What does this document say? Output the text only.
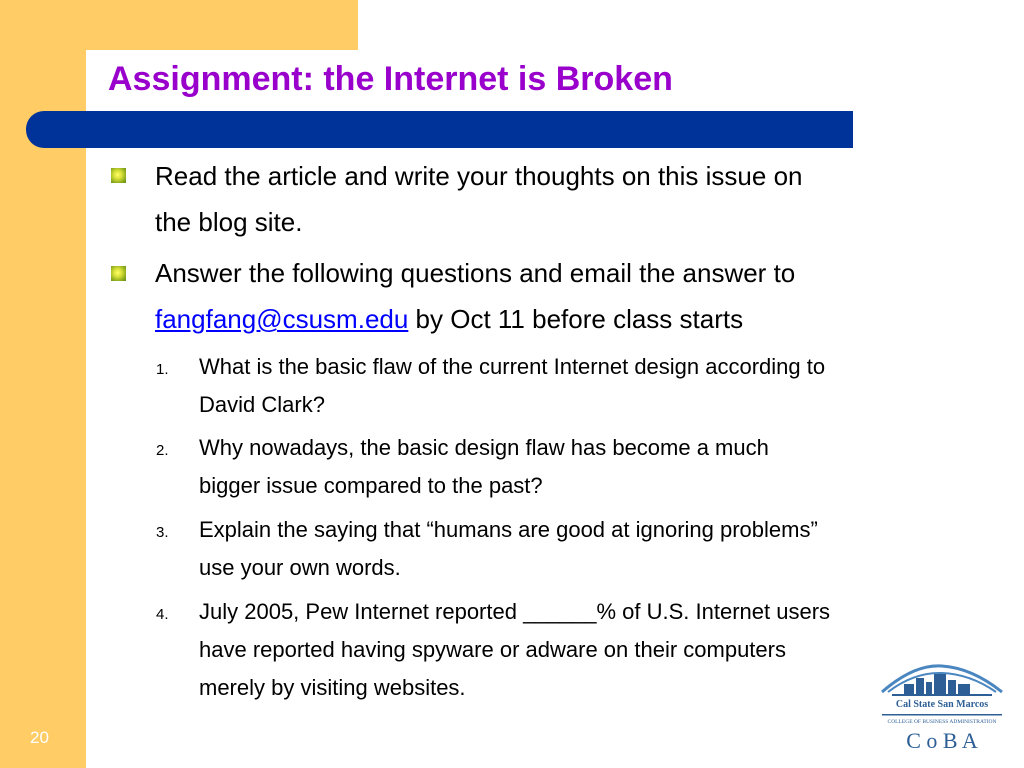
Assignment: the Internet is Broken

Read the article and write your thoughts on this issue on
the blog site.

Answer the following questions and email the answer to
fangfang@csusm.edu by Oct 11 before class starts

1. What is the basic flaw of the current Internet design according to
David Clark?

2. Why nowadays, the basic design flaw has become a much
bigger issue compared to the past?

3. Explain the saying that “humans are good at ignoring problems”
use your own words.

4. July 2005, Pew Internet reported ______% of U.S. Internet users
have reported having spyware or adware on their computers
merely by visiting websites.

20
Cal State San Marcos
COLLEGE OF BUSINESS ADMINISTRATION
C o B A
